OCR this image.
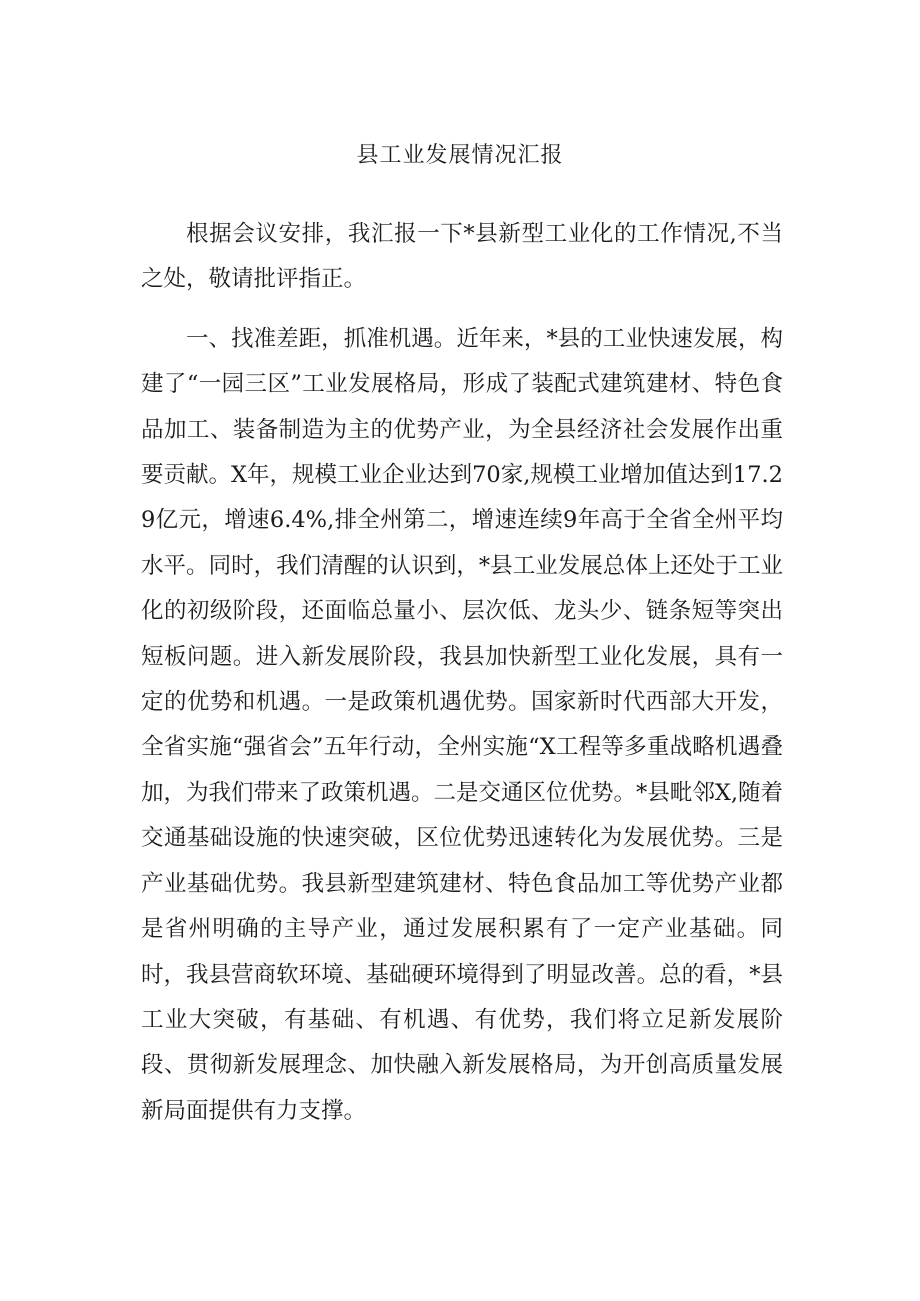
县工业发展情况汇报

根据会议安排，我汇报一下*县新型工业化的工作情况,不当之处，敬请批评指正。

一、找准差距，抓准机遇。近年来，*县的工业快速发展，构建了“一园三区”工业发展格局，形成了装配式建筑建材、特色食品加工、装备制造为主的优势产业，为全县经济社会发展作出重要贡献。X年，规模工业企业达到70家,规模工业增加值达到17.29亿元，增速6.4%,排全州第二，增速连续9年高于全省全州平均水平。同时，我们清醒的认识到，*县工业发展总体上还处于工业化的初级阶段，还面临总量小、层次低、龙头少、链条短等突出短板问题。进入新发展阶段，我县加快新型工业化发展，具有一定的优势和机遇。一是政策机遇优势。国家新时代西部大开发，全省实施“强省会”五年行动，全州实施“X工程等多重战略机遇叠加，为我们带来了政策机遇。二是交通区位优势。*县毗邻X,随着交通基础设施的快速突破，区位优势迅速转化为发展优势。三是产业基础优势。我县新型建筑建材、特色食品加工等优势产业都是省州明确的主导产业，通过发展积累有了一定产业基础。同时，我县营商软环境、基础硬环境得到了明显改善。总的看，*县工业大突破，有基础、有机遇、有优势，我们将立足新发展阶段、贯彻新发展理念、加快融入新发展格局，为开创高质量发展新局面提供有力支撑。
